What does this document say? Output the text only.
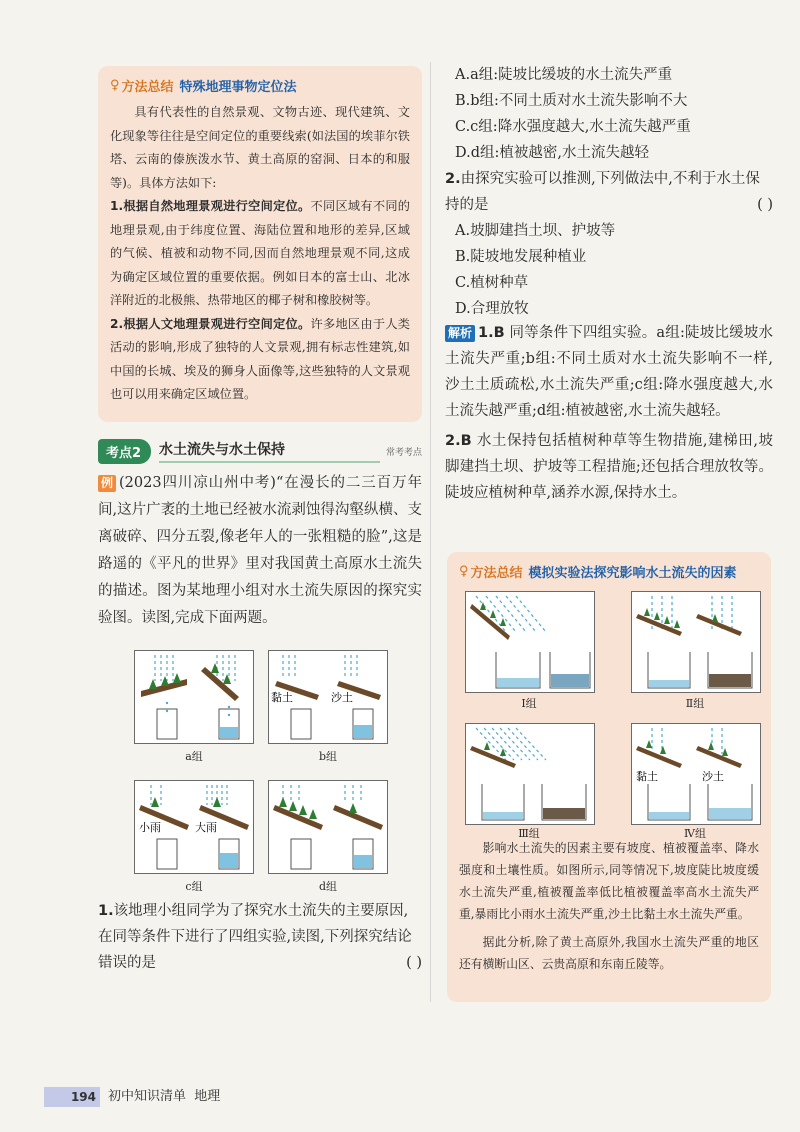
♀ 方法总结 特殊地理事物定位法

具有代表性的自然景观、文物古迹、现代建筑、文化现象等往往是空间定位的重要线索(如法国的埃菲尔铁塔、云南的傣族泼水节、黄土高原的窑洞、日本的和服等)。具体方法如下:

1.根据自然地理景观进行空间定位。不同区域有不同的地理景观,由于纬度位置、海陆位置和地形的差异,区域的气候、植被和动物不同,因而自然地理景观不同,这成为确定区域位置的重要依据。例如日本的富士山、北冰洋附近的北极熊、热带地区的椰子树和橡胶树等。

2.根据人文地理景观进行空间定位。许多地区由于人类活动的影响,形成了独特的人文景观,拥有标志性建筑,如中国的长城、埃及的狮身人面像等,这些独特的人文景观也可以用来确定区域位置。

考点2	水土流失与水土保持	常考考点
例 (2023四川凉山州中考)“在漫长的二三百万年间,这片广袤的土地已经被水流剥蚀得沟壑纵横、支离破碎、四分五裂,像老年人的一张粗糙的脸”,这是路遥的《平凡的世界》里对我国黄土高原水土流失的描述。图为某地理小组对水土流失原因的探究实验图。读图,完成下面两题。
黏土	沙土
小雨	大雨
a组	b组
c组	d组
1.该地理小组同学为了探究水土流失的主要原因,在同等条件下进行了四组实验,读图,下列探究结论错误的是	( )
A.a组:陡坡比缓坡的水土流失严重
B.b组:不同土质对水土流失影响不大
C.c组:降水强度越大,水土流失越严重
D.d组:植被越密,水土流失越轻
2.由探究实验可以推测,下列做法中,不利于水土保持的是	( )
A.坡脚建挡土坝、护坡等
B.陡坡地发展种植业
C.植树种草
D.合理放牧
解析 1.B 同等条件下四组实验。a组:陡坡比缓坡水土流失严重;b组:不同土质对水土流失影响不一样,沙土土质疏松,水土流失严重;c组:降水强度越大,水土流失越严重;d组:植被越密,水土流失越轻。
2.B 水土保持包括植树种草等生物措施,建梯田,坡脚建挡土坝、护坡等工程措施;还包括合理放牧等。陡坡应植树种草,涵养水源,保持水土。
♀ 方法总结 模拟实验法探究影响水土流失的因素
黏土	沙土
Ⅰ组	Ⅱ组
Ⅲ组	Ⅳ组

影响水土流失的因素主要有坡度、植被覆盖率、降水强度和土壤性质。如图所示,同等情况下,坡度陡比坡度缓水土流失严重,植被覆盖率低比植被覆盖率高水土流失严重,暴雨比小雨水土流失严重,沙土比黏土水土流失严重。

据此分析,除了黄土高原外,我国水土流失严重的地区还有横断山区、云贵高原和东南丘陵等。

194 初中知识清单 地理
